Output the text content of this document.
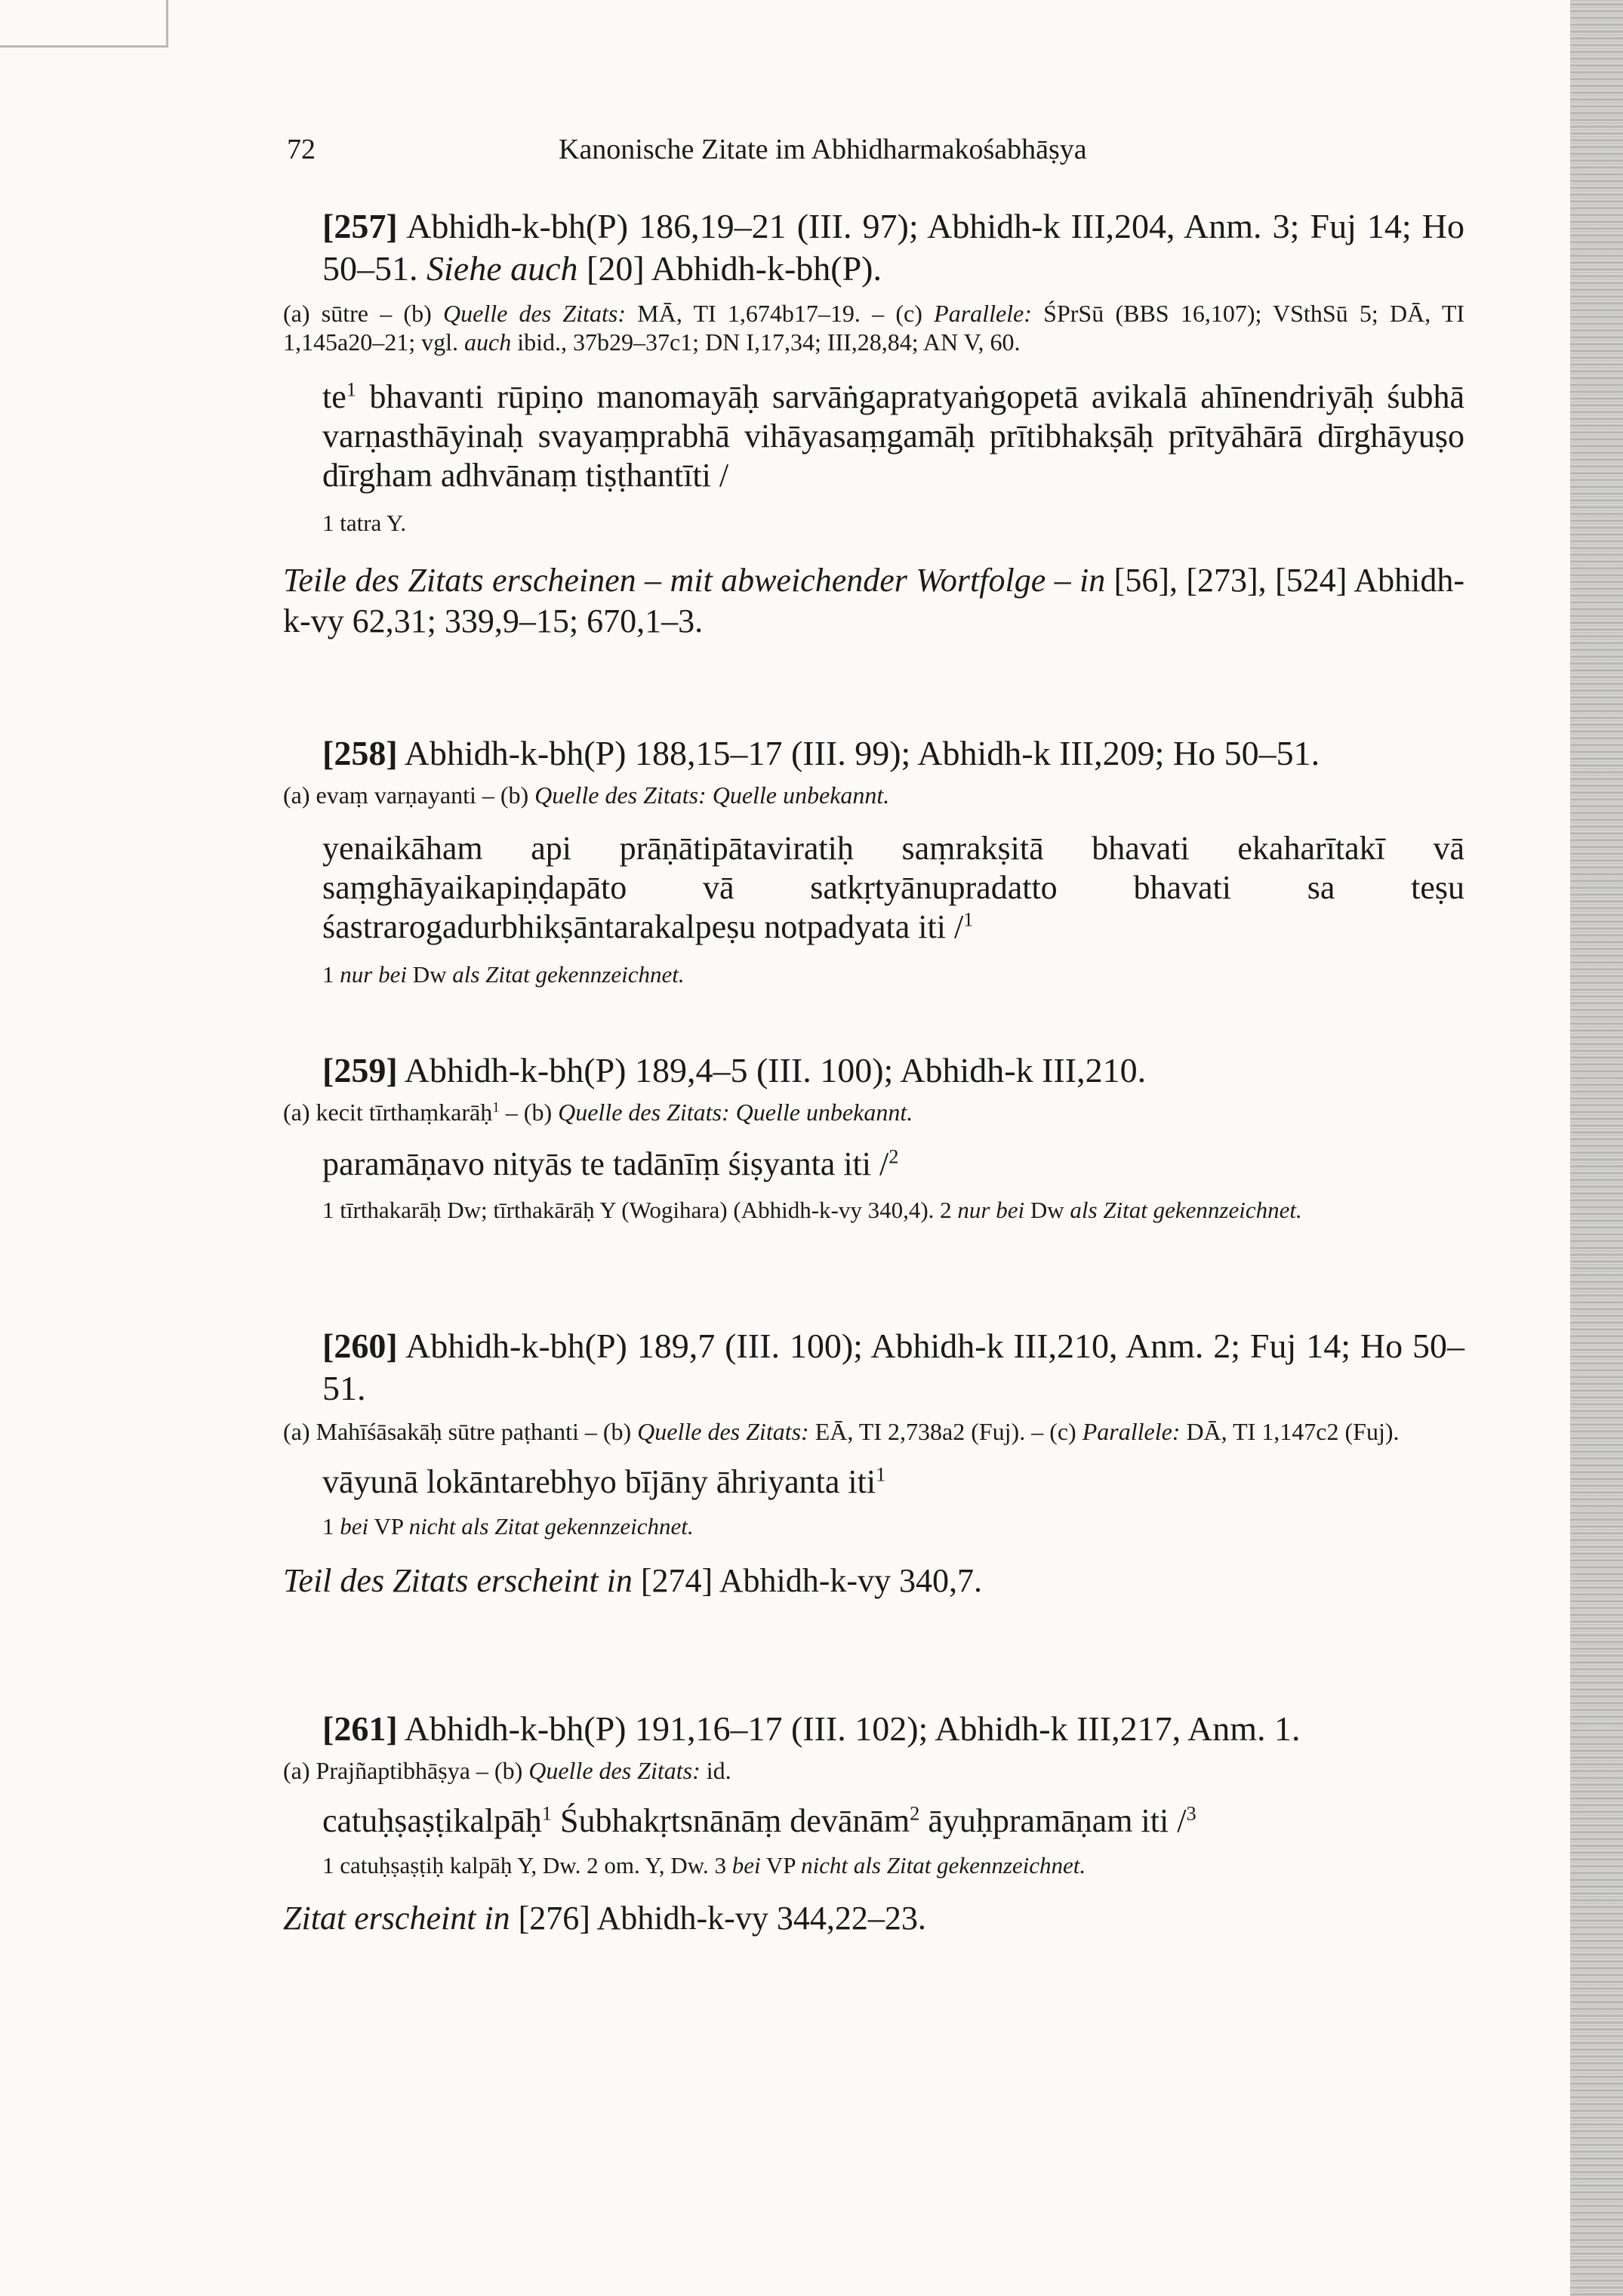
72	Kanonische Zitate im Abhidharmakośabhāṣya
[257] Abhidh-k-bh(P) 186,19–21 (III. 97); Abhidh-k III,204, Anm. 3; Fuj 14; Ho 50–51. Siehe auch [20] Abhidh-k-bh(P).
(a) sūtre – (b) Quelle des Zitats: MĀ, TI 1,674b17–19. – (c) Parallele: ŚPrSū (BBS 16,107); VSthSū 5; DĀ, TI 1,145a20–21; vgl. auch ibid., 37b29–37c1; DN I,17,34; III,28,84; AN V, 60.
$te^1$ bhavanti rūpiṇo manomayāḥ sarvāṅgapratyaṅgopetā avikalā ahīnendriyāḥ śubhā varṇasthāyinaḥ svayaṃprabhā vihāyasaṃgamāḥ prītibhakṣāḥ prītyāhārā dīrghāyuṣo dīrgham adhvānaṃ tiṣṭhantīti /
1 tatra Y.
Teile des Zitats erscheinen – mit abweichender Wortfolge – in [56], [273], [524] Abhidh-k-vy 62,31; 339,9–15; 670,1–3.
[258] Abhidh-k-bh(P) 188,15–17 (III. 99); Abhidh-k III,209; Ho 50–51.
(a) evaṃ varṇayanti – (b) Quelle des Zitats: Quelle unbekannt.
yenaikāham api prāṇātipātaviratiḥ saṃrakṣitā bhavati ekaharītakī vā saṃghāyaikapiṇḍapāto vā satkṛtyānupradatto bhavati sa teṣu śastrarogadurbhikṣāntarakalpeṣu notpadyata iti /$^1$
1 nur bei Dw als Zitat gekennzeichnet.
[259] Abhidh-k-bh(P) 189,4–5 (III. 100); Abhidh-k III,210.
(a) kecit tīrthaṃkarāḥ$^1$ – (b) Quelle des Zitats: Quelle unbekannt.
paramāṇavo nityās te tadānīṃ śiṣyanta iti /$^2$
1 tīrthakarāḥ Dw; tīrthakārāḥ Y (Wogihara) (Abhidh-k-vy 340,4). 2 nur bei Dw als Zitat gekennzeichnet.
[260] Abhidh-k-bh(P) 189,7 (III. 100); Abhidh-k III,210, Anm. 2; Fuj 14; Ho 50–51.
(a) Mahīśāsakāḥ sūtre paṭhanti – (b) Quelle des Zitats: EĀ, TI 2,738a2 (Fuj). – (c) Parallele: DĀ, TI 1,147c2 (Fuj).
vāyunā lokāntarebhyo bījāny āhriyanta iti$^1$
1 bei VP nicht als Zitat gekennzeichnet.
Teil des Zitats erscheint in [274] Abhidh-k-vy 340,7.
[261] Abhidh-k-bh(P) 191,16–17 (III. 102); Abhidh-k III,217, Anm. 1.
(a) Prajñaptibhāṣya – (b) Quelle des Zitats: id.
catuḥṣaṣṭikalpāḥ$^1$ Śubhakṛtsnānāṃ devānām$^2$ āyuḥpramāṇam iti /$^3$
1 catuḥṣaṣṭiḥ kalpāḥ Y, Dw. 2 om. Y, Dw. 3 bei VP nicht als Zitat gekennzeichnet.
Zitat erscheint in [276] Abhidh-k-vy 344,22–23.
